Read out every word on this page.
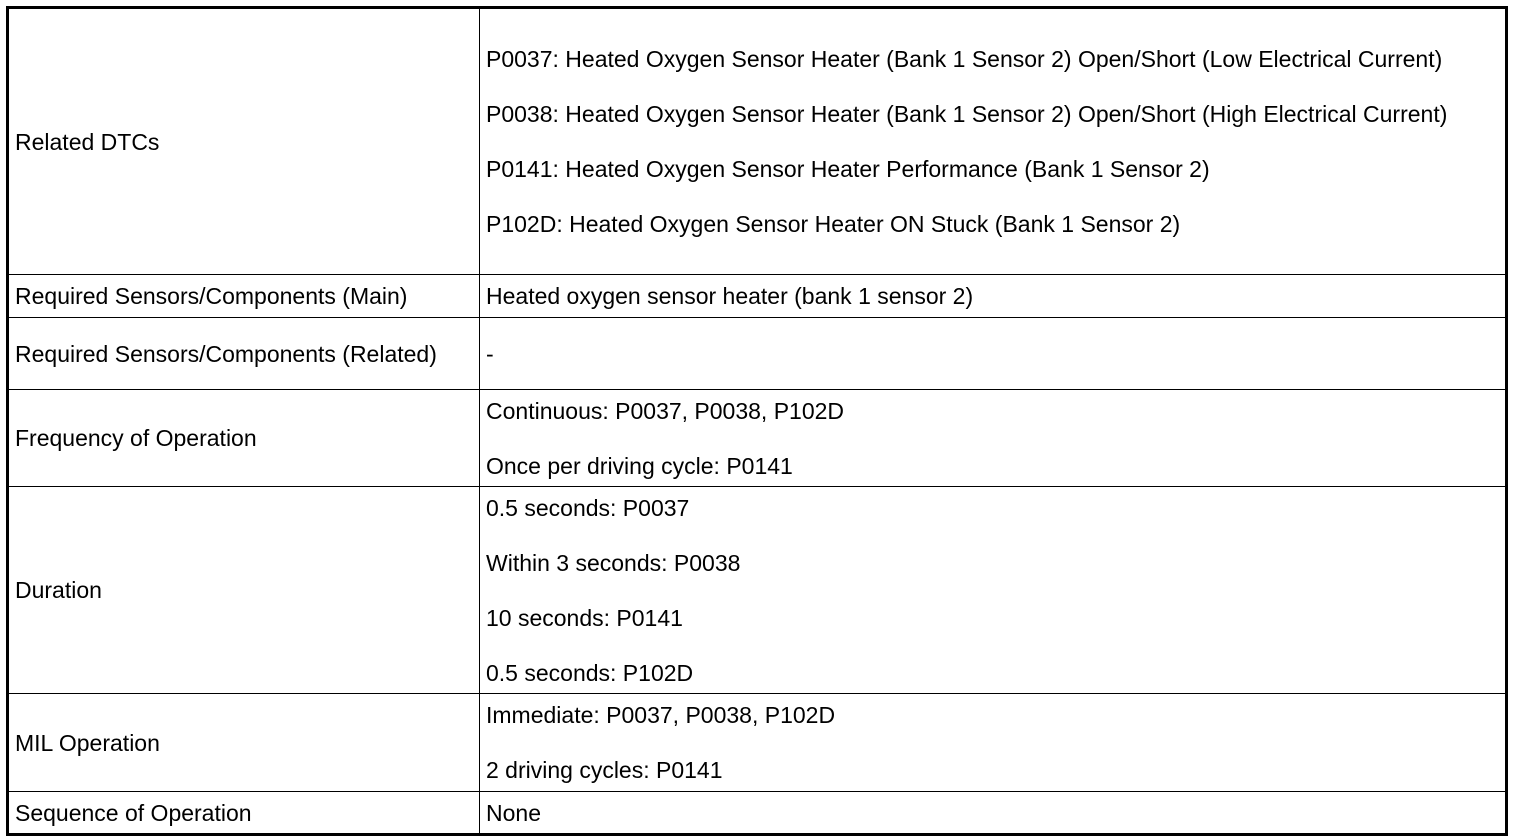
Related DTCs	P0037: Heated Oxygen Sensor Heater (Bank 1 Sensor 2) Open/Short (Low Electrical Current)
P0038: Heated Oxygen Sensor Heater (Bank 1 Sensor 2) Open/Short (High Electrical Current)
P0141: Heated Oxygen Sensor Heater Performance (Bank 1 Sensor 2)
P102D: Heated Oxygen Sensor Heater ON Stuck (Bank 1 Sensor 2)

Required Sensors/Components (Main)	Heated oxygen sensor heater (bank 1 sensor 2)

Required Sensors/Components (Related)	-

Frequency of Operation	Continuous: P0037, P0038, P102D
Once per driving cycle: P0141

Duration	0.5 seconds: P0037
Within 3 seconds: P0038
10 seconds: P0141
0.5 seconds: P102D

MIL Operation	Immediate: P0037, P0038, P102D
2 driving cycles: P0141

Sequence of Operation	None
